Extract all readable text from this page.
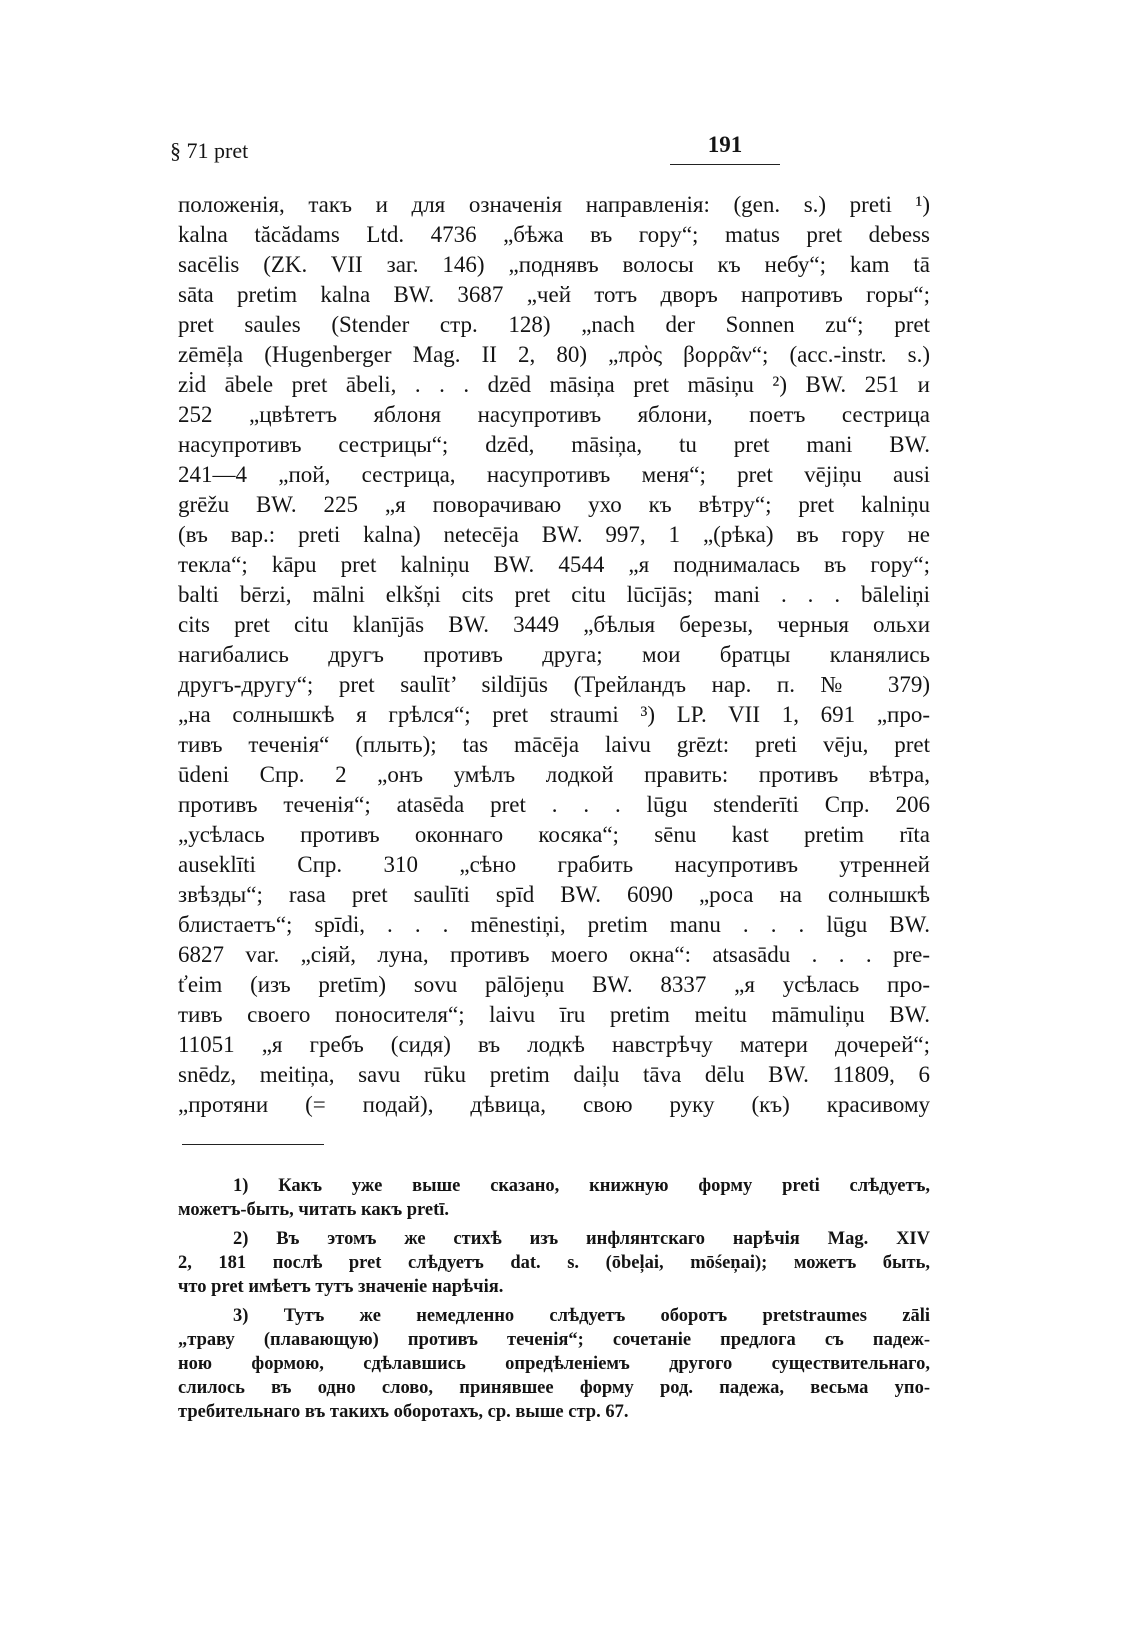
§ 71 pret	191
положенія, такъ и для означенія направленія: (gen. s.) preti ¹)
kalna tăcădams Ltd. 4736 „бѣжа въ гору“; matus pret debess
sacēlis (ZK. VII заг. 146) „поднявъ волосы къ небу“; kam tā
sāta pretim kalna BW. 3687 „чей тотъ дворъ напротивъ горы“;
pret saules (Stender стр. 128) „nach der Sonnen zu“; pret
zēmēļa (Hugenberger Mag. II 2, 80) „πρὸς βορρᾶν“; (acc.-instr. s.)
zi̇d ābele pret ābeli, . . . dzēd māsiņa pret māsiņu ²) BW. 251 и
252 „цвѣтетъ яблоня насупротивъ яблони, поетъ сестрица
насупротивъ сестрицы“; dzēd, māsiņa, tu pret mani BW.
241—4 „пой, сестрица, насупротивъ меня“; pret vējiņu ausi
grēžu BW. 225 „я поворачиваю ухо къ вѣтру“; pret kalniņu
(въ вар.: preti kalna) netecēja BW. 997, 1 „(рѣка) въ гору не
текла“; kāpu pret kalniņu BW. 4544 „я поднималась въ гору“;
balti bērzi, mālni elkšņi cits pret citu lūcījās; mani . . . bāleliņi
cits pret citu klanījās BW. 3449 „бѣлыя березы, черныя ольхи
нагибались другъ противъ друга; мои братцы кланялись
другъ-другу“; pret saulīt’ sildījūs (Трейландъ нар. п. № 379)
„на солнышкѣ я грѣлся“; pret straumi ³) LP. VII 1, 691 „про-
тивъ теченія“ (плыть); tas mācēja laivu grēzt: preti vēju, pret
ūdeni Спр. 2 „онъ умѣлъ лодкой править: противъ вѣтра,
противъ теченія“; atasēda pret . . . lūgu stenderīti Спр. 206
„усѣлась противъ оконнаго косяка“; sēnu kast pretim rīta
auseklīti Спр. 310 „сѣно грабить насупротивъ утренней
звѣзды“; rasa pret saulīti spīd BW. 6090 „роса на солнышкѣ
блистаетъ“; spīdi, . . . mēnestiņi, pretim manu . . . lūgu BW.
6827 var. „сіяй, луна, противъ моего окна“: atsasādu . . . pre-
ťeim (изъ pretīm) sovu pālōjeņu BW. 8337 „я усѣлась про-
тивъ своего поносителя“; laivu īru pretim meitu māmuliņu BW.
11051 „я гребъ (сидя) въ лодкѣ навстрѣчу матери дочерей“;
snēdz, meitiņa, savu rūku pretim daiļu tāva dēlu BW. 11809, 6
„протяни (= подай), дѣвица, свою руку (къ) красивому
1) Какъ уже выше сказано, книжную форму preti слѣдуетъ,
можетъ-быть, читать какъ pretī.
2) Въ этомъ же стихѣ изъ инфлянтскаго нарѣчія Mag. XIV
2, 181 послѣ pret слѣдуетъ dat. s. (ōbeļai, mōśeņai); можетъ быть,
что pret имѣетъ тутъ значеніе нарѣчія.
3) Тутъ же немедленно слѣдуетъ оборотъ pretstraumes zāli
„траву (плавающую) противъ теченія“; сочетаніе предлога съ падеж-
ною формою, сдѣлавшись опредѣленіемъ другого существительнаго,
слилось въ одно слово, принявшее форму род. падежа, весьма упо-
требительнаго въ такихъ оборотахъ, ср. выше стр. 67.
